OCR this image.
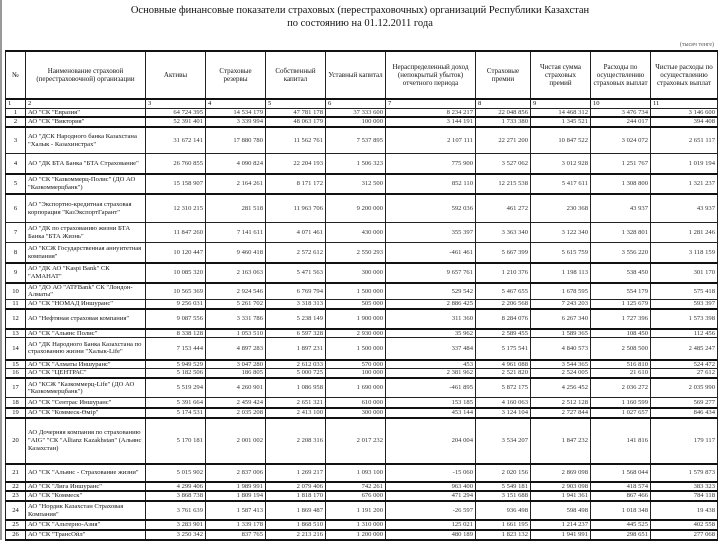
Основные финансовые показатели страховых (перестраховочных) организаций Республики Казахстан
по состоянию на 01.12.2011 года
(тысяч тенге)
№	Наименование страховой (перестраховочной) организации	Активы	Страховые резервы	Собственный капитал	Уставный капитал	Нераспределенный доход (непокрытый убыток) отчетного периода	Страховые премии	Чистая сумма страховых премий	Расходы по осуществлению страховых выплат	Чистые расходы по осуществлению страховых выплат
1	2	3	4	5	6	7	8	9	10	11
1	АО "СК "Евразия"	64 724 395	14 534 179	47 781 178	37 333 600	8 234 217	22 048 856	14 468 312	3 476 734	3 146 600
2	АО "СК "Виктория"	52 391 401	3 339 994	48 063 179	100 000	3 144 191	1 733 380	1 345 521	244 017	394 408
3	АО "ДСК Народного банка Казахстана "Халык - Казахинстрах"	31 672 141	17 880 780	11 562 761	7 537 895	2 107 111	22 271 200	10 847 522	3 024 072	2 651 117
4	АО "ДК БТА Банка "БТА Страхование"	26 760 855	4 090 824	22 204 193	1 506 323	775 900	3 527 062	3 012 928	1 251 767	1 019 194
5	АО "СК "Казкоммерц-Полис" (ДО АО "Казкоммерцбанк")	15 158 907	2 164 261	8 171 172	312 500	852 110	12 215 538	5 417 611	1 308 800	1 321 237
6	АО "Экспортно-кредитная страховая корпорация "КазЭкспортГарант"	12 310 215	281 518	11 963 706	9 200 000	592 036	461 272	230 368	43 937	43 937
7	АО "ДК по страхованию жизни БТА Банка "БТА Жизнь"	11 847 260	7 141 611	4 071 461	430 000	355 397	3 363 340	3 122 340	1 328 801	1 281 246
8	АО "КСЖ Государственная аннуитетная компания"	10 120 447	9 460 418	2 572 612	2 550 293	-461 461	5 667 399	5 615 759	3 556 220	3 118 159
9	АО "ДК АО "Kaspi Bank" СК "АМАНАТ"	10 085 320	2 163 063	5 471 563	300 000	9 657 761	1 210 376	1 198 113	538 450	301 170
10	АО "ДО АО "ATFBank" СК "Лондон-Алматы"	10 565 369	2 924 546	6 769 794	1 500 000	529 542	5 467 655	1 678 595	554 179	575 418
11	АО "СК "НОМАД Иншуранс"	9 256 031	5 261 702	3 318 313	505 000	2 886 425	2 206 568	7 243 203	1 125 679	593 397
12	АО "Нефтяная страховая компания"	9 087 556	3 331 786	5 238 149	1 900 000	311 360	8 284 076	6 267 340	1 727 396	1 573 398
13	АО "СК "Альянс Полис"	8 338 128	1 053 510	6 597 328	2 930 000	35 962	2 589 455	1 589 365	108 450	112 456
14	АО "ДК Народного Банка Казахстана по страхованию жизни "Халык-Life"	7 153 444	4 897 283	1 897 231	1 500 000	337 484	5 175 541	4 840 573	2 508 500	2 485 247
15	АО "СК "Алматы Иншуранс"	5 949 529	3 047 280	2 612 033	570 000	453	4 961 088	3 544 365	516 810	524 472
16	АО "СК "ЦЕНТРАС"	5 182 506	186 805	5 000 725	100 000	2 381 962	2 521 820	2 524 005	21 610	27 612
17	АО "КСЖ "Казкоммерц-Life" (ДО АО "Казкоммерцбанк")	5 519 294	4 260 901	1 086 958	1 690 000	-461 895	5 872 175	4 256 452	2 036 272	2 035 990
18	АО "СК "Сентрас Иншуранс"	5 391 664	2 459 424	2 651 321	610 000	153 185	4 160 063	2 512 128	1 160 599	569 277
19	АО "СК "Коммеск-Өмір"	5 174 531	2 035 208	2 413 100	300 000	453 144	3 124 104	2 727 844	1 027 657	846 434
20	АО Дочерняя компания по страхованию "AIG" "СК "Allianz Kazakhstan" (Альянс Казахстан)	5 170 181	2 001 002	2 208 316	2 017 232	204 004	3 534 207	1 847 232	141 816	179 117
21	АО "СК "Альянс - Страхование жизни"	5 015 902	2 837 006	1 269 217	1 093 100	-15 060	2 020 156	2 869 098	1 568 044	1 579 873
22	АО "СК "Лига Иншуранс"	4 299 406	1 989 991	2 079 406	742 261	963 400	5 549 181	2 903 098	418 574	383 323
23	АО "СК "Коммеск"	3 868 738	1 809 194	1 818 170	676 000	471 294	3 151 688	1 941 361	867 466	784 118
24	АО "Нордик Казахстан Страховая Компания"	3 761 639	1 587 413	1 869 487	1 191 200	-26 597	936 498	598 498	1 018 348	19 438
25	АО "СК "Альтерно-Азия"	3 283 901	1 339 178	1 868 510	1 310 000	125 021	1 661 195	1 214 237	445 525	402 558
26	АО "СК "ТрансОйл"	3 250 342	837 765	2 213 216	1 200 000	480 189	1 823 132	1 941 991	298 651	277 068
